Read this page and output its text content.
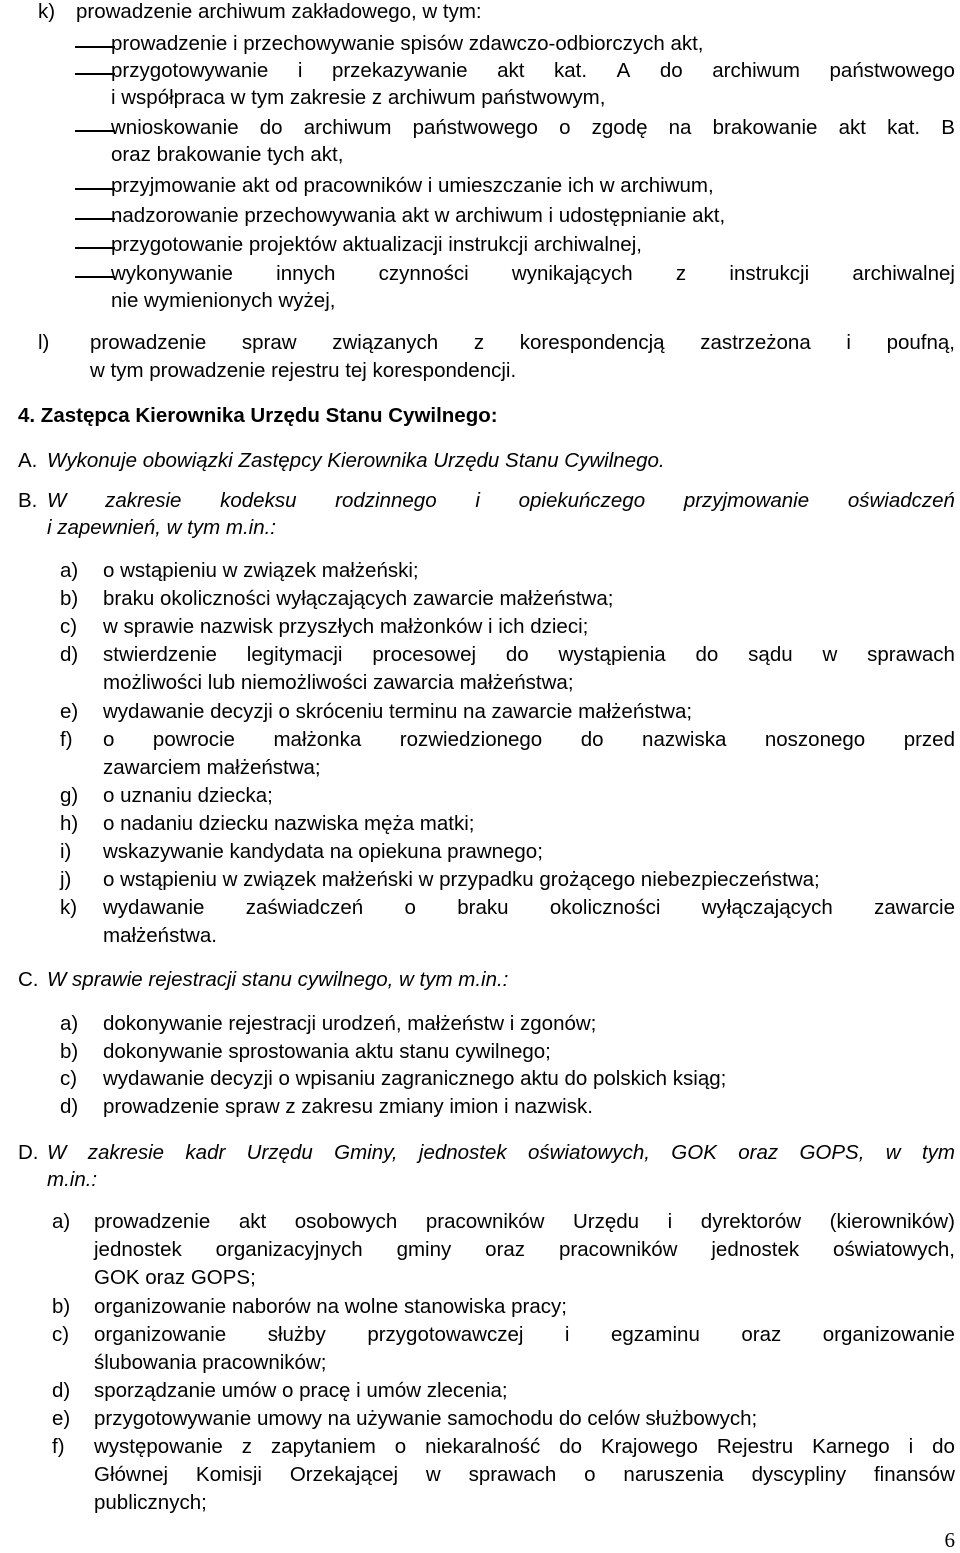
k) prowadzenie archiwum zakładowego, w tym:
prowadzenie i przechowywanie spisów zdawczo-odbiorczych akt,
przygotowywanie i przekazywanie akt kat. A do archiwum państwowego
i współpraca w tym zakresie z archiwum państwowym,
wnioskowanie do archiwum państwowego o zgodę na brakowanie akt kat. B
oraz brakowanie tych akt,
przyjmowanie akt od pracowników i umieszczanie ich w archiwum,
nadzorowanie przechowywania akt w archiwum i udostępnianie akt,
przygotowanie projektów aktualizacji instrukcji archiwalnej,
wykonywanie innych czynności wynikających z instrukcji archiwalnej
nie wymienionych wyżej,
l) prowadzenie spraw związanych z korespondencją zastrzeżona i poufną,
w tym prowadzenie rejestru tej korespondencji.
4. Zastępca Kierownika Urzędu Stanu Cywilnego:
A. Wykonuje obowiązki Zastępcy Kierownika Urzędu Stanu Cywilnego.
B. W zakresie kodeksu rodzinnego i opiekuńczego przyjmowanie oświadczeń
i zapewnień, w tym m.in.:
a) o wstąpieniu w związek małżeński;
b) braku okoliczności wyłączających zawarcie małżeństwa;
c) w sprawie nazwisk przyszłych małżonków i ich dzieci;
d) stwierdzenie legitymacji procesowej do wystąpienia do sądu w sprawach
możliwości lub niemożliwości zawarcia małżeństwa;
e) wydawanie decyzji o skróceniu terminu na zawarcie małżeństwa;
f) o powrocie małżonka rozwiedzionego do nazwiska noszonego przed
zawarciem małżeństwa;
g) o uznaniu dziecka;
h) o nadaniu dziecku nazwiska męża matki;
i) wskazywanie kandydata na opiekuna prawnego;
j) o wstąpieniu w związek małżeński w przypadku grożącego niebezpieczeństwa;
k) wydawanie zaświadczeń o braku okoliczności wyłączających zawarcie
małżeństwa.
C. W sprawie rejestracji stanu cywilnego, w tym m.in.:
a) dokonywanie rejestracji urodzeń, małżeństw i zgonów;
b) dokonywanie sprostowania aktu stanu cywilnego;
c) wydawanie decyzji o wpisaniu zagranicznego aktu do polskich ksiąg;
d) prowadzenie spraw z zakresu zmiany imion i nazwisk.
D. W zakresie kadr Urzędu Gminy, jednostek oświatowych, GOK oraz GOPS, w tym
m.in.:
a) prowadzenie akt osobowych pracowników Urzędu i dyrektorów (kierowników)
jednostek organizacyjnych gminy oraz pracowników jednostek oświatowych,
GOK oraz GOPS;
b) organizowanie naborów na wolne stanowiska pracy;
c) organizowanie służby przygotowawczej i egzaminu oraz organizowanie
ślubowania pracowników;
d) sporządzanie umów o pracę i umów zlecenia;
e) przygotowywanie umowy na używanie samochodu do celów służbowych;
f) występowanie z zapytaniem o niekaralność do Krajowego Rejestru Karnego i do
Głównej Komisji Orzekającej w sprawach o naruszenia dyscypliny finansów
publicznych;
6
